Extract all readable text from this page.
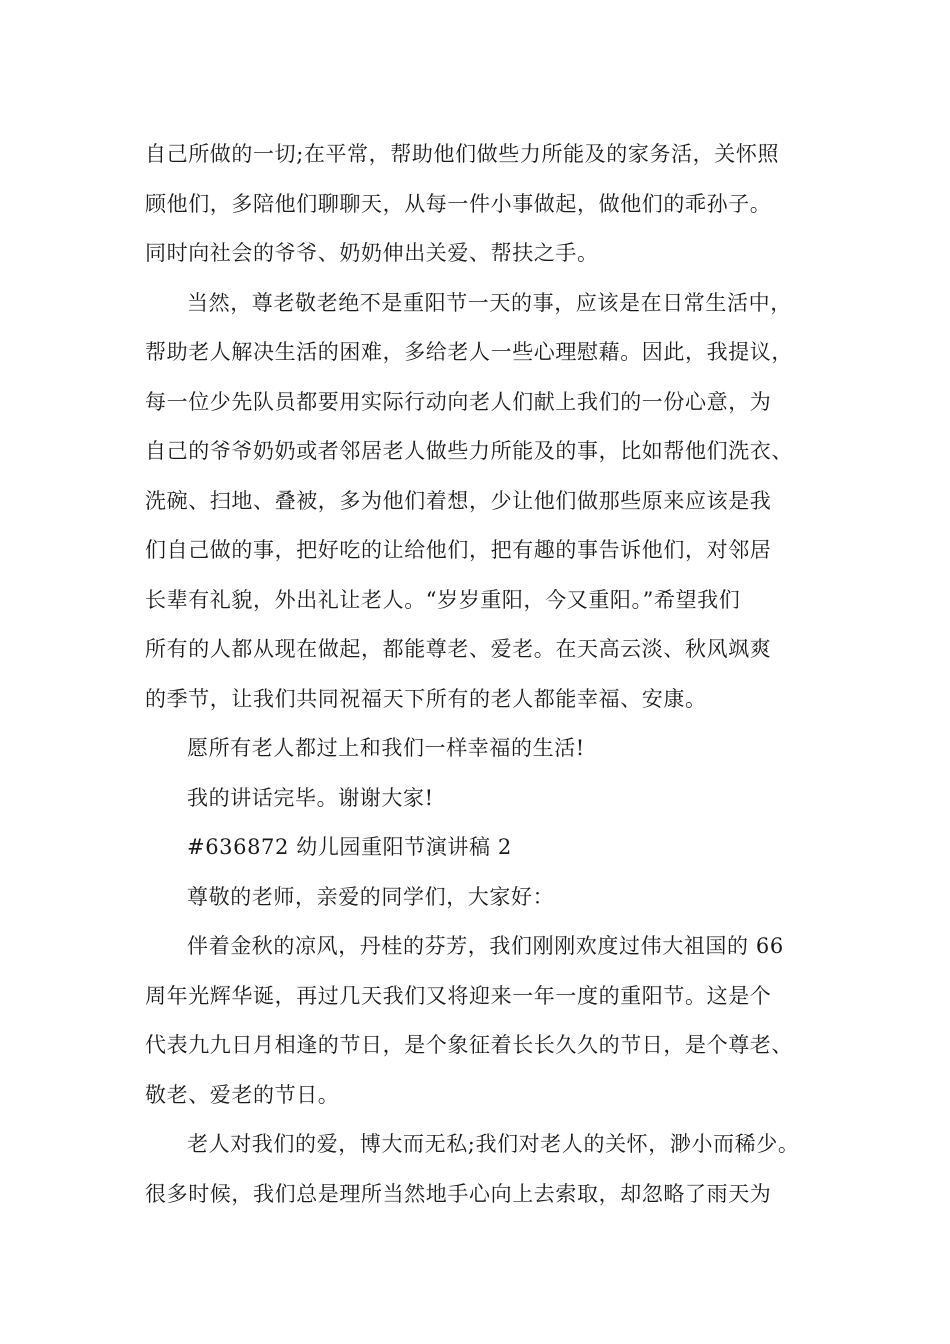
自己所做的一切;在平常，帮助他们做些力所能及的家务活，关怀照
顾他们，多陪他们聊聊天，从每一件小事做起，做他们的乖孙子。
同时向社会的爷爷、奶奶伸出关爱、帮扶之手。
当然，尊老敬老绝不是重阳节一天的事，应该是在日常生活中，
帮助老人解决生活的困难，多给老人一些心理慰藉。因此，我提议，
每一位少先队员都要用实际行动向老人们献上我们的一份心意，为
自己的爷爷奶奶或者邻居老人做些力所能及的事，比如帮他们洗衣、
洗碗、扫地、叠被，多为他们着想，少让他们做那些原来应该是我
们自己做的事，把好吃的让给他们，把有趣的事告诉他们，对邻居
长辈有礼貌，外出礼让老人。“岁岁重阳，今又重阳。”希望我们
所有的人都从现在做起，都能尊老、爱老。在天高云淡、秋风飒爽
的季节，让我们共同祝福天下所有的老人都能幸福、安康。
愿所有老人都过上和我们一样幸福的生活!
我的讲话完毕。谢谢大家!
#636872 幼儿园重阳节演讲稿 2
尊敬的老师，亲爱的同学们，大家好：
伴着金秋的凉风，丹桂的芬芳，我们刚刚欢度过伟大祖国的 66
周年光辉华诞，再过几天我们又将迎来一年一度的重阳节。这是个
代表九九日月相逢的节日，是个象征着长长久久的节日，是个尊老、
敬老、爱老的节日。
老人对我们的爱，博大而无私;我们对老人的关怀，渺小而稀少。
很多时候，我们总是理所当然地手心向上去索取，却忽略了雨天为
